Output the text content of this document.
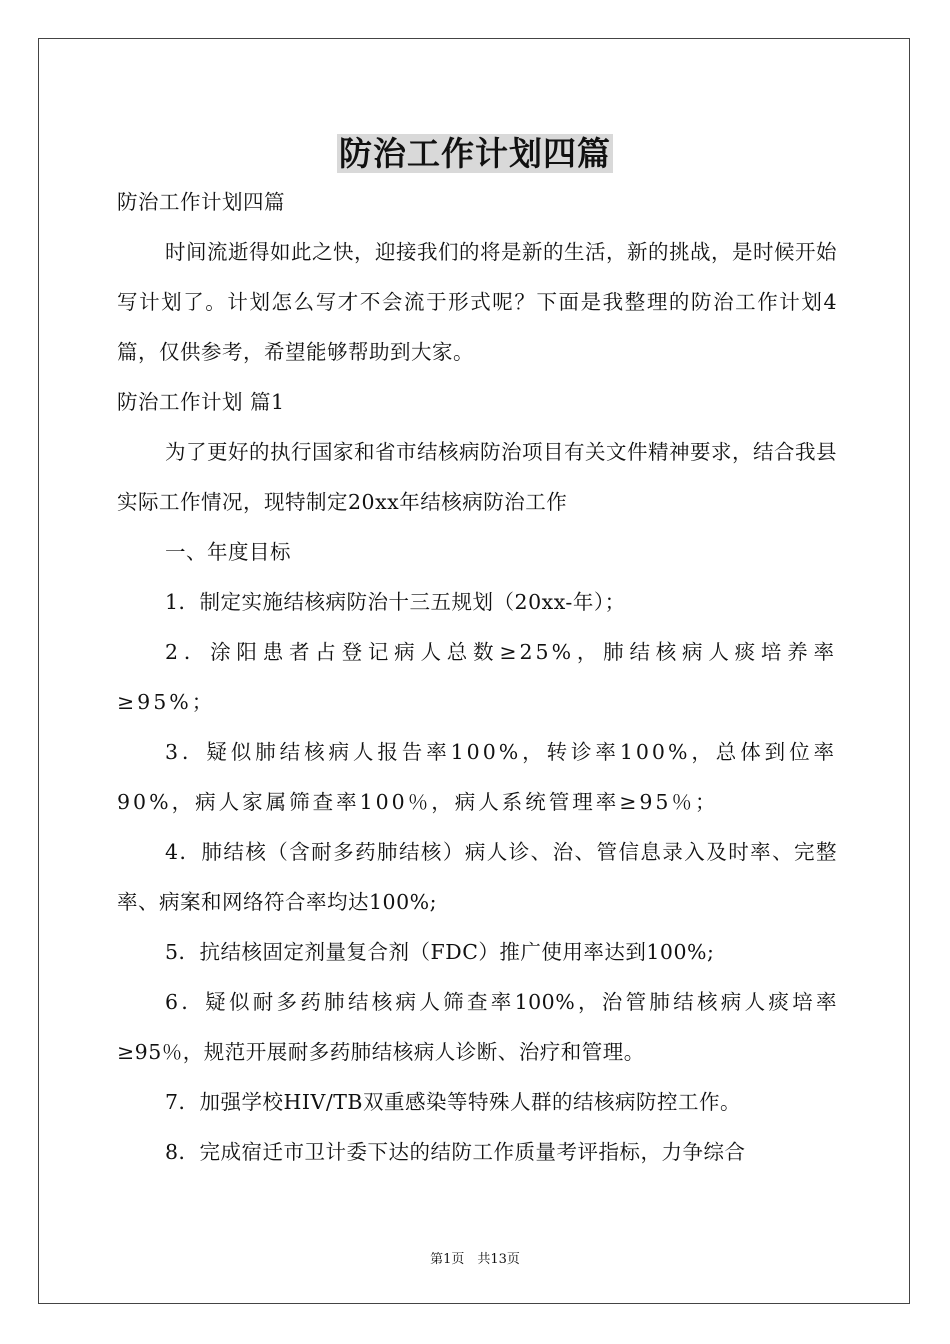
防治工作计划四篇

防治工作计划四篇

时间流逝得如此之快，迎接我们的将是新的生活，新的挑战，是时候开始写计划了。计划怎么写才不会流于形式呢？下面是我整理的防治工作计划4篇，仅供参考，希望能够帮助到大家。

防治工作计划 篇1

为了更好的执行国家和省市结核病防治项目有关文件精神要求，结合我县实际工作情况，现特制定20xx年结核病防治工作

一、年度目标

1．制定实施结核病防治十三五规划（20xx-年）；

2．涂阳患者占登记病人总数≥25%，肺结核病人痰培养率≥95%；

3．疑似肺结核病人报告率100%，转诊率100%，总体到位率90%，病人家属筛查率100％，病人系统管理率≥95％；

4．肺结核（含耐多药肺结核）病人诊、治、管信息录入及时率、完整率、病案和网络符合率均达100%;

5．抗结核固定剂量复合剂（FDC）推广使用率达到100%;

6．疑似耐多药肺结核病人筛查率100%，治管肺结核病人痰培率≥95％，规范开展耐多药肺结核病人诊断、治疗和管理。

7．加强学校HIV/TB双重感染等特殊人群的结核病防控工作。

8．完成宿迁市卫计委下达的结防工作质量考评指标，力争综合

第1页　共13页
